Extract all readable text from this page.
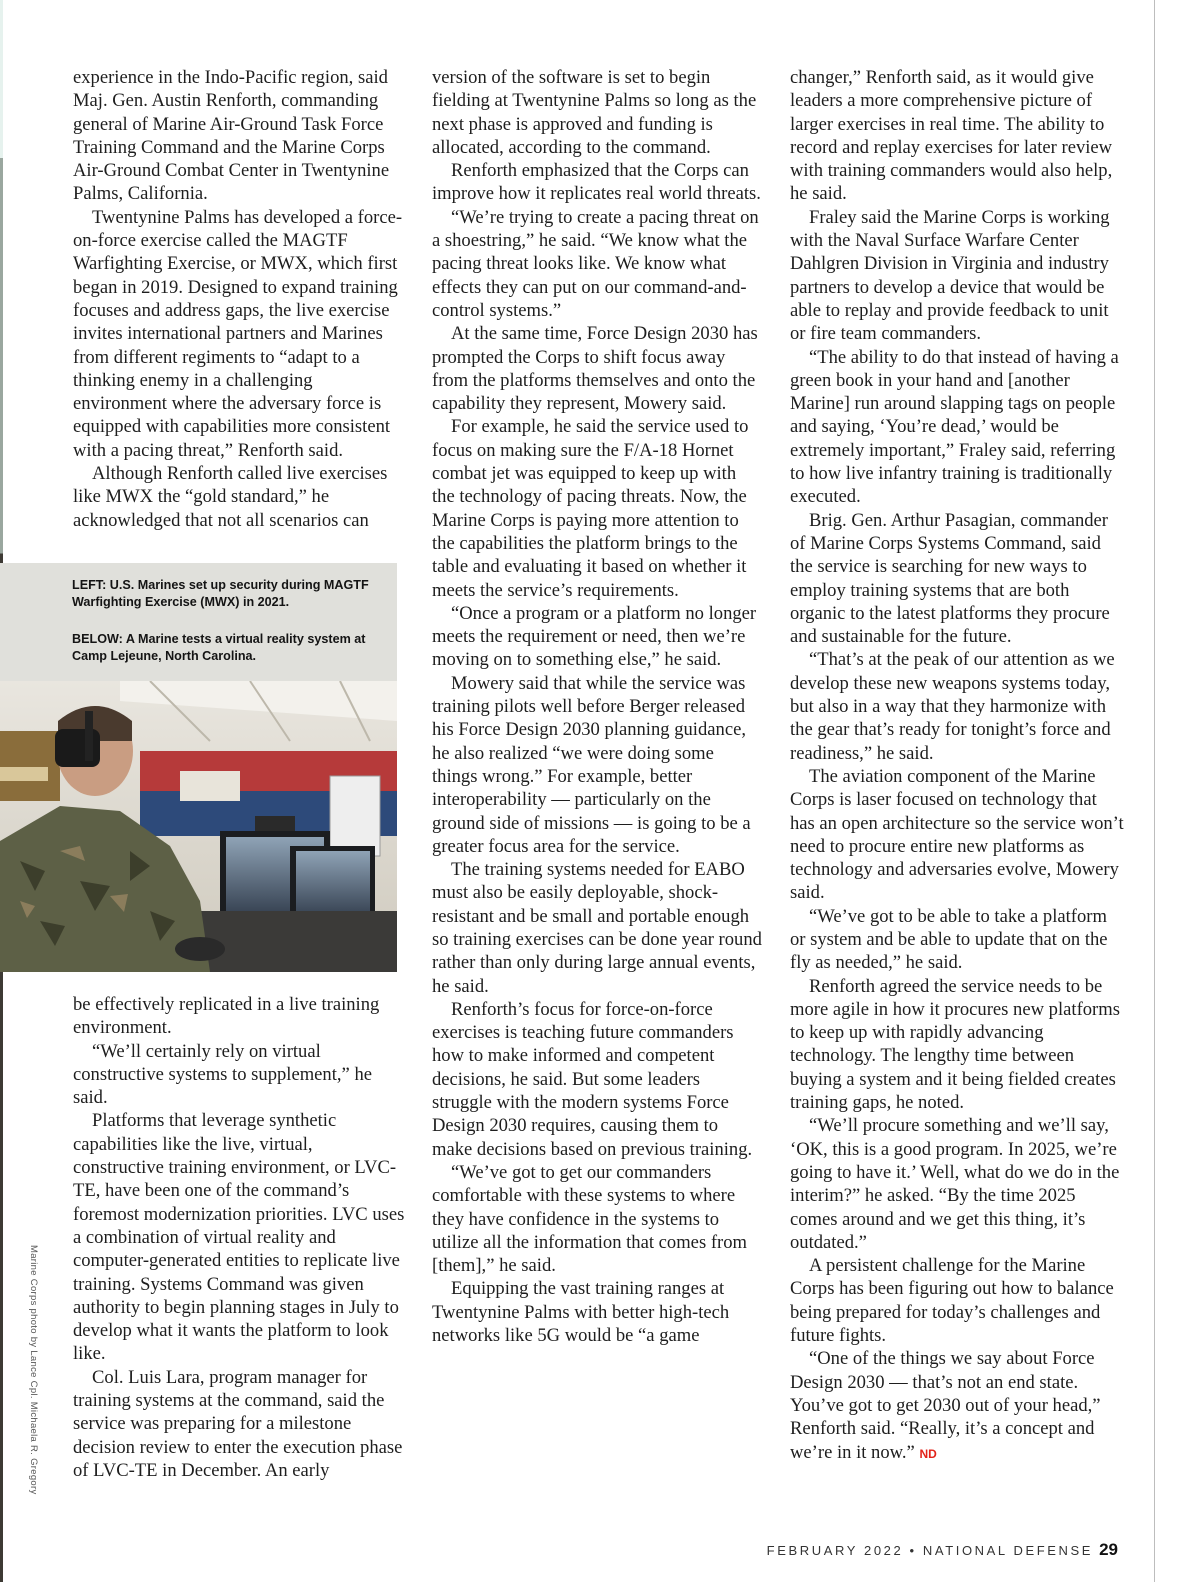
experience in the Indo-Pacific region, said Maj. Gen. Austin Renforth, commanding general of Marine Air-Ground Task Force Training Command and the Marine Corps Air-Ground Combat Center in Twentynine Palms, California.

Twentynine Palms has developed a force-on-force exercise called the MAGTF Warfighting Exercise, or MWX, which first began in 2019. Designed to expand training focuses and address gaps, the live exercise invites international partners and Marines from different regiments to “adapt to a thinking enemy in a challenging environment where the adversary force is equipped with capabilities more consistent with a pacing threat,” Renforth said.

Although Renforth called live exercises like MWX the “gold standard,” he acknowledged that not all scenarios can

LEFT: U.S. Marines set up security during MAGTF Warfighting Exercise (MWX) in 2021.

BELOW: A Marine tests a virtual reality system at Camp Lejeune, North Carolina.

be effectively replicated in a live training environment.

“We’ll certainly rely on virtual constructive systems to supplement,” he said.

Platforms that leverage synthetic capabilities like the live, virtual, constructive training environment, or LVC-TE, have been one of the command’s foremost modernization priorities. LVC uses a combination of virtual reality and computer-generated entities to replicate live training. Systems Command was given authority to begin planning stages in July to develop what it wants the platform to look like.

Col. Luis Lara, program manager for training systems at the command, said the service was preparing for a milestone decision review to enter the execution phase of LVC-TE in December. An early

version of the software is set to begin fielding at Twentynine Palms so long as the next phase is approved and funding is allocated, according to the command.

Renforth emphasized that the Corps can improve how it replicates real world threats.

“We’re trying to create a pacing threat on a shoestring,” he said. “We know what the pacing threat looks like. We know what effects they can put on our command-and-control systems.”

At the same time, Force Design 2030 has prompted the Corps to shift focus away from the platforms themselves and onto the capability they represent, Mowery said.

For example, he said the service used to focus on making sure the F/A-18 Hornet combat jet was equipped to keep up with the technology of pacing threats. Now, the Marine Corps is paying more attention to the capabilities the platform brings to the table and evaluating it based on whether it meets the service’s requirements.

“Once a program or a platform no longer meets the requirement or need, then we’re moving on to something else,” he said.

Mowery said that while the service was training pilots well before Berger released his Force Design 2030 planning guidance, he also realized “we were doing some things wrong.” For example, better interoperability — particularly on the ground side of missions — is going to be a greater focus area for the service.

The training systems needed for EABO must also be easily deployable, shock-resistant and be small and portable enough so training exercises can be done year round rather than only during large annual events, he said.

Renforth’s focus for force-on-force exercises is teaching future commanders how to make informed and competent decisions, he said. But some leaders struggle with the modern systems Force Design 2030 requires, causing them to make decisions based on previous training.

“We’ve got to get our commanders comfortable with these systems to where they have confidence in the systems to utilize all the information that comes from [them],” he said.

Equipping the vast training ranges at Twentynine Palms with better high-tech networks like 5G would be “a game

changer,” Renforth said, as it would give leaders a more comprehensive picture of larger exercises in real time. The ability to record and replay exercises for later review with training commanders would also help, he said.

Fraley said the Marine Corps is working with the Naval Surface Warfare Center Dahlgren Division in Virginia and industry partners to develop a device that would be able to replay and provide feedback to unit or fire team commanders.

“The ability to do that instead of having a green book in your hand and [another Marine] run around slapping tags on people and saying, ‘You’re dead,’ would be extremely important,” Fraley said, referring to how live infantry training is traditionally executed.

Brig. Gen. Arthur Pasagian, commander of Marine Corps Systems Command, said the service is searching for new ways to employ training systems that are both organic to the latest platforms they procure and sustainable for the future.

“That’s at the peak of our attention as we develop these new weapons systems today, but also in a way that they harmonize with the gear that’s ready for tonight’s force and readiness,” he said.

The aviation component of the Marine Corps is laser focused on technology that has an open architecture so the service won’t need to procure entire new platforms as technology and adversaries evolve, Mowery said.

“We’ve got to be able to take a platform or system and be able to update that on the fly as needed,” he said.

Renforth agreed the service needs to be more agile in how it procures new platforms to keep up with rapidly advancing technology. The lengthy time between buying a system and it being fielded creates training gaps, he noted.

“We’ll procure something and we’ll say, ‘OK, this is a good program. In 2025, we’re going to have it.’ Well, what do we do in the interim?” he asked. “By the time 2025 comes around and we get this thing, it’s outdated.”

A persistent challenge for the Marine Corps has been figuring out how to balance being prepared for today’s challenges and future fights.

“One of the things we say about Force Design 2030 — that’s not an end state. You’ve got to get 2030 out of your head,” Renforth said. “Really, it’s a concept and we’re in it now.” ND

Marine Corps photo by Lance Cpl. Michaela R. Gregory
FEBRUARY 2022 • NATIONAL DEFENSE 29
